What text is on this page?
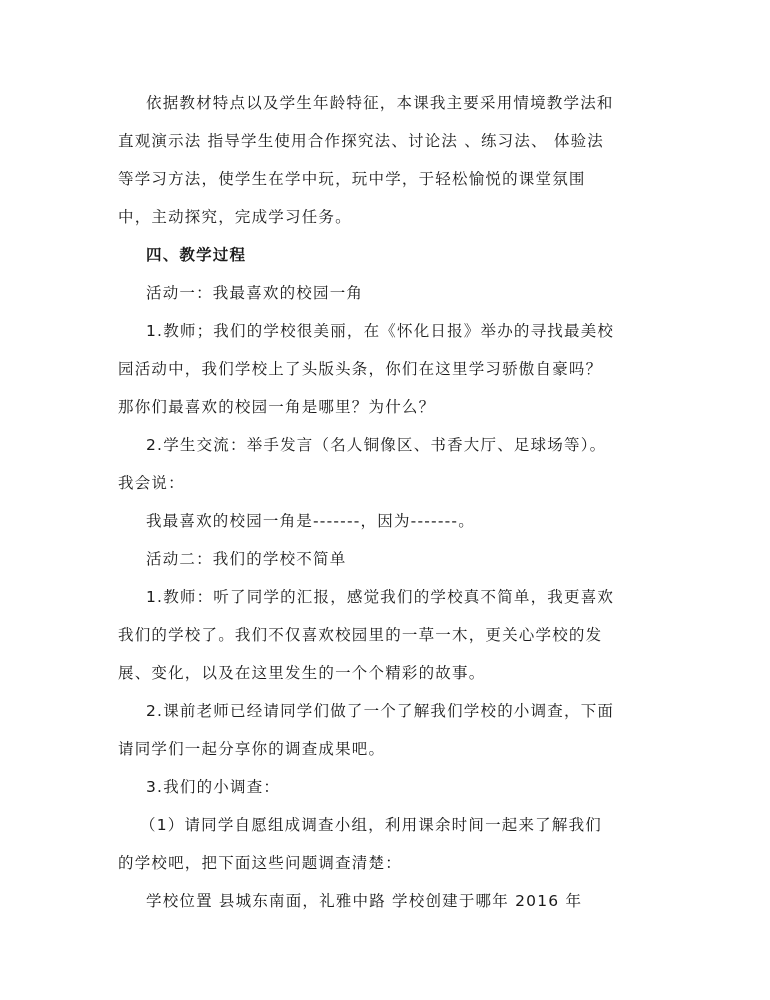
依据教材特点以及学生年龄特征，本课我主要采用情境教学法和
直观演示法 指导学生使用合作探究法、讨论法 、练习法、 体验法
等学习方法，使学生在学中玩，玩中学，于轻松愉悦的课堂氛围
中，主动探究，完成学习任务。
四、教学过程
活动一：我最喜欢的校园一角
1.教师；我们的学校很美丽，在《怀化日报》举办的寻找最美校
园活动中，我们学校上了头版头条，你们在这里学习骄傲自豪吗？
那你们最喜欢的校园一角是哪里？为什么？
2.学生交流：举手发言（名人铜像区、书香大厅、足球场等）。
我会说：
我最喜欢的校园一角是-------，因为-------。
活动二：我们的学校不简单
1.教师：听了同学的汇报，感觉我们的学校真不简单，我更喜欢
我们的学校了。我们不仅喜欢校园里的一草一木，更关心学校的发
展、变化，以及在这里发生的一个个精彩的故事。
2.课前老师已经请同学们做了一个了解我们学校的小调查，下面
请同学们一起分享你的调查成果吧。
3.我们的小调查：
（1）请同学自愿组成调查小组，利用课余时间一起来了解我们
的学校吧，把下面这些问题调查清楚：
学校位置 县城东南面，礼雅中路 学校创建于哪年 2016 年
